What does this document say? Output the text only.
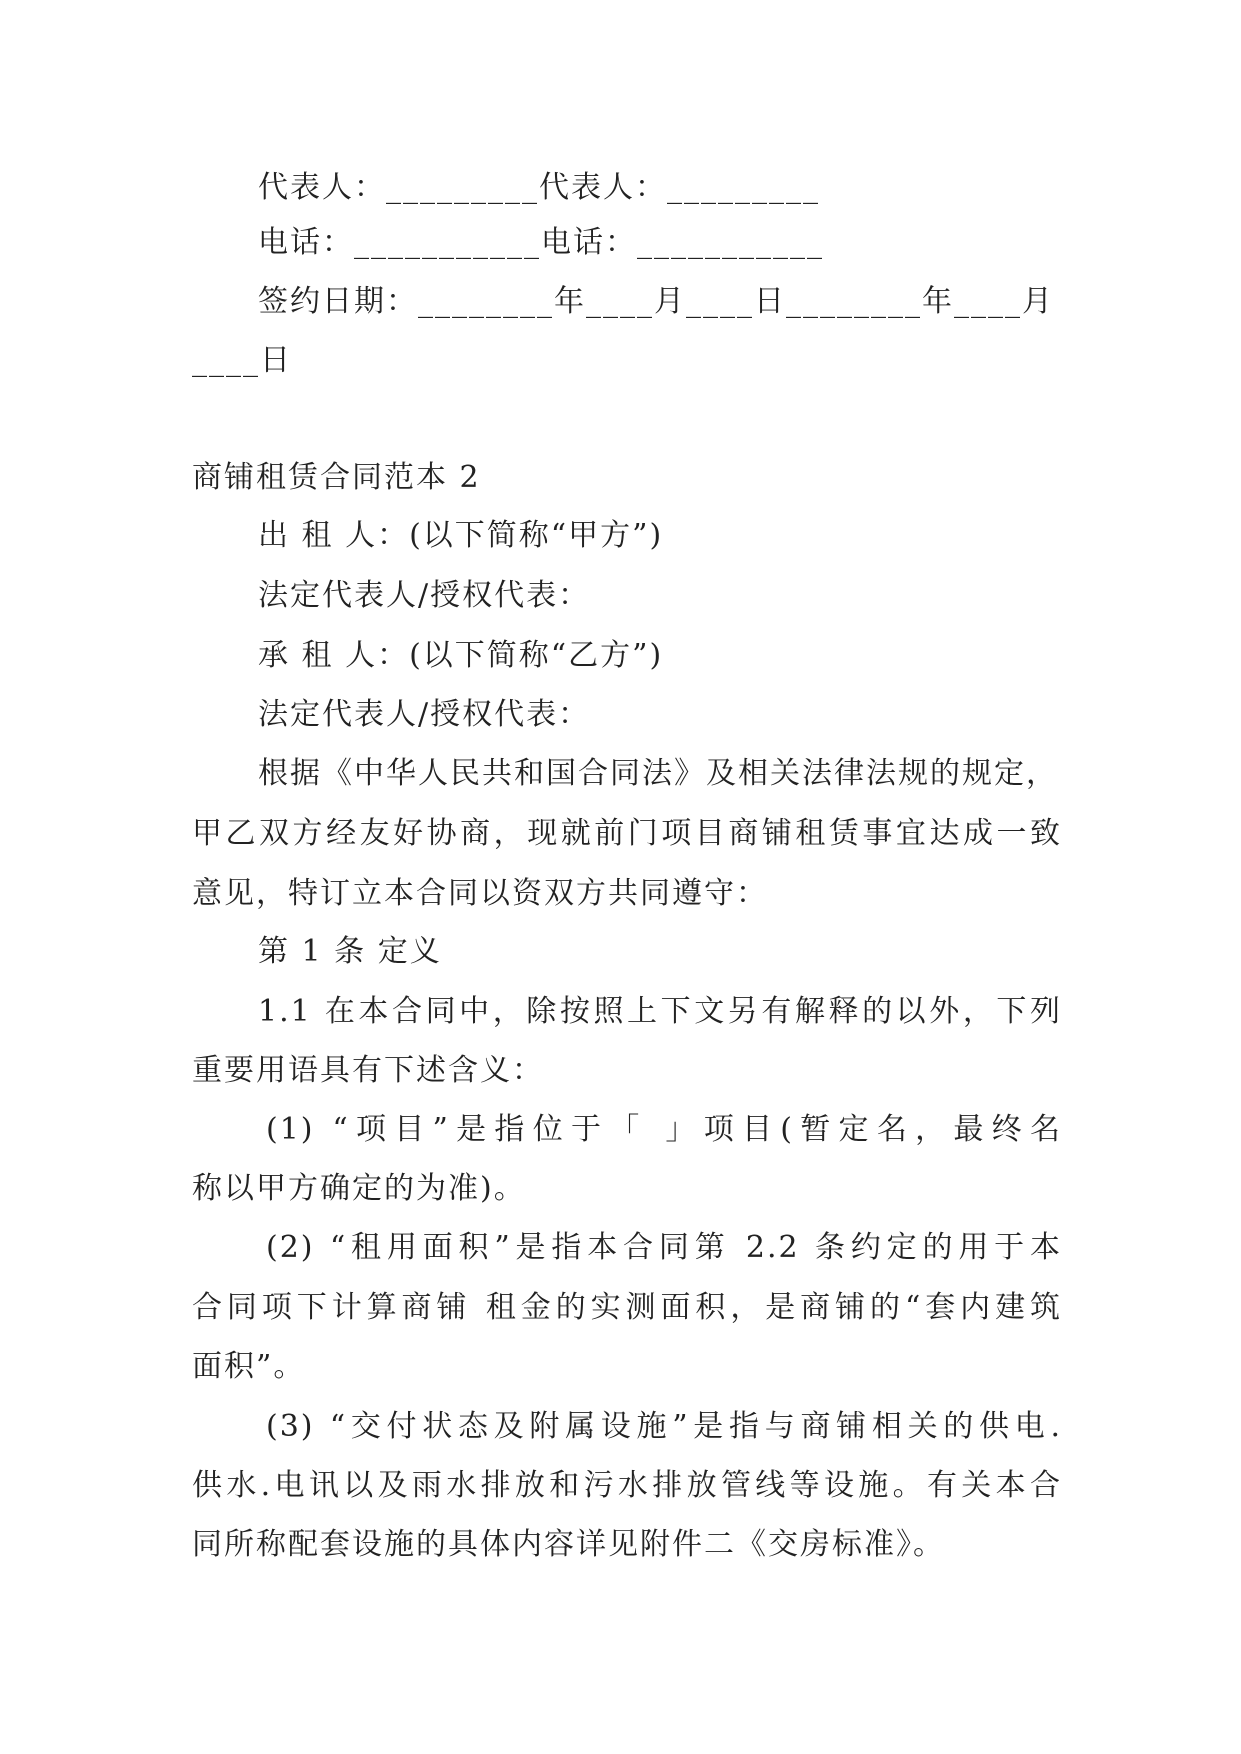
代表人：_________代表人：_________
电话：___________电话：___________
签约日期：________年____月____日________年____月
____日
商铺租赁合同范本 2
出 租 人：(以下简称“甲方”)
法定代表人/授权代表：
承 租 人：(以下简称“乙方”)
法定代表人/授权代表：
根据《中华人民共和国合同法》及相关法律法规的规定，
甲乙双方经友好协商，现就前门项目商铺租赁事宜达成一致
意见，特订立本合同以资双方共同遵守：
第 1 条 定义
1.1 在本合同中，除按照上下文另有解释的以外，下列
重要用语具有下述含义：
(1) “项目”是指位于「 」项目(暂定名，最终名
称以甲方确定的为准)。
(2) “租用面积”是指本合同第 2.2 条约定的用于本
合同项下计算商铺 租金的实测面积，是商铺的“套内建筑
面积”。
(3) “交付状态及附属设施”是指与商铺相关的供电.
供水.电讯以及雨水排放和污水排放管线等设施。有关本合
同所称配套设施的具体内容详见附件二《交房标准》。
